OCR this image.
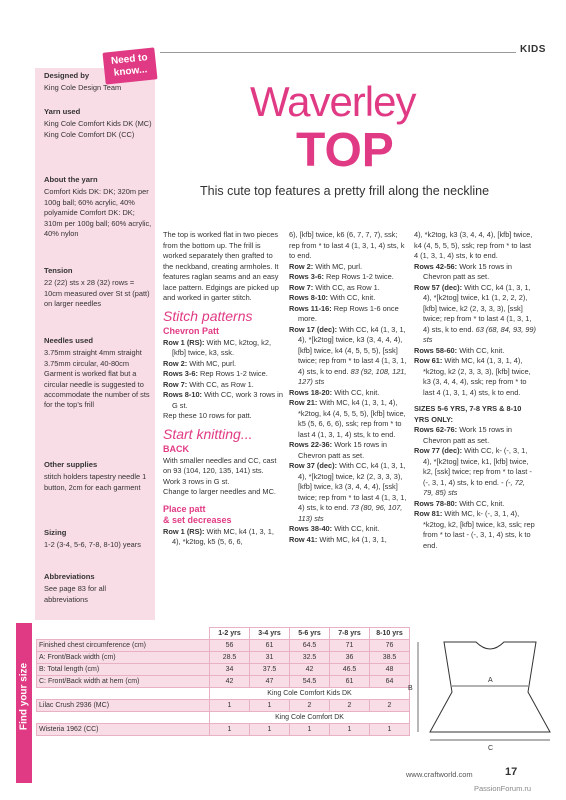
KIDS
Waverley
TOP
This cute top features a pretty frill along the neckline
Need to
know...
Designed by
King Cole Design Team
Yarn used
King Cole Comfort Kids DK (MC)
King Cole Comfort DK (CC)
About the yarn
Comfort Kids DK: DK; 320m per 100g ball; 60% acrylic, 40% polyamide Comfort DK: DK; 310m per 100g ball; 60% acrylic, 40% nylon
Tension
22 (22) sts x 28 (32) rows = 10cm measured over St st (patt) on larger needles
Needles used
3.75mm straight 4mm straight 3.75mm circular, 40-80cm Garment is worked flat but a circular needle is suggested to accommodate the number of sts for the top’s frill
Other supplies
stitch holders tapestry needle 1 button, 2cm for each garment
Sizing
1-2 (3-4, 5-6, 7-8, 8-10) years
Abbreviations
See page 83 for all abbreviations

The top is worked flat in two pieces from the bottom up. The frill is worked separately then grafted to the neckband, creating armholes. It features raglan seams and an easy lace pattern. Edgings are picked up and worked in garter stitch.

Stitch patterns
Chevron Patt

Row 1 (RS): With MC, k2tog, k2, [kfb] twice, k3, ssk.

Row 2: With MC, purl.

Rows 3-6: Rep Rows 1-2 twice.

Row 7: With CC, as Row 1.

Rows 8-10: With CC, work 3 rows in G st.

Rep these 10 rows for patt.

Start knitting...
BACK

With smaller needles and CC, cast on 93 (104, 120, 135, 141) sts.

Work 3 rows in G st.

Change to larger needles and MC.

Place patt
& set decreases

Row 1 (RS): With MC, k4 (1, 3, 1, 4), *k2tog, k5 (5, 6, 6,

6), [kfb] twice, k6 (6, 7, 7, 7), ssk; rep from * to last 4 (1, 3, 1, 4) sts, k to end.

Row 2: With MC, purl.

Rows 3-6: Rep Rows 1-2 twice.

Row 7: With CC, as Row 1.

Rows 8-10: With CC, knit.

Rows 11-16: Rep Rows 1-6 once more.

Row 17 (dec): With CC, k4 (1, 3, 1, 4), *[k2tog] twice, k3 (3, 4, 4, 4), [kfb] twice, k4 (4, 5, 5, 5), [ssk] twice; rep from * to last 4 (1, 3, 1, 4) sts, k to end. 83 (92, 108, 121, 127) sts

Rows 18-20: With CC, knit.

Row 21: With MC, k4 (1, 3, 1, 4), *k2tog, k4 (4, 5, 5, 5), [kfb] twice, k5 (5, 6, 6, 6), ssk; rep from * to last 4 (1, 3, 1, 4) sts, k to end.

Rows 22-36: Work 15 rows in Chevron patt as set.

Row 37 (dec): With CC, k4 (1, 3, 1, 4), *[k2tog] twice, k2 (2, 3, 3, 3), [kfb] twice, k3 (3, 4, 4, 4), [ssk] twice; rep from * to last 4 (1, 3, 1, 4) sts, k to end. 73 (80, 96, 107, 113) sts

Rows 38-40: With CC, knit.

Row 41: With MC, k4 (1, 3, 1,

4), *k2tog, k3 (3, 4, 4, 4), [kfb] twice, k4 (4, 5, 5, 5), ssk; rep from * to last 4 (1, 3, 1, 4) sts, k to end.

Rows 42-56: Work 15 rows in Chevron patt as set.

Row 57 (dec): With CC, k4 (1, 3, 1, 4), *[k2tog] twice, k1 (1, 2, 2, 2), [kfb] twice, k2 (2, 3, 3, 3), [ssk] twice; rep from * to last 4 (1, 3, 1, 4) sts, k to end. 63 (68, 84, 93, 99) sts

Rows 58-60: With CC, knit.

Row 61: With MC, k4 (1, 3, 1, 4), *k2tog, k2 (2, 3, 3, 3), [kfb] twice, k3 (3, 4, 4, 4), ssk; rep from * to last 4 (1, 3, 1, 4) sts, k to end.

SIZES 5-6 YRS, 7-8 YRS & 8-10 YRS ONLY:

Rows 62-76: Work 15 rows in Chevron patt as set.

Row 77 (dec): With CC, k- (-, 3, 1, 4), *[k2tog] twice, k1, [kfb] twice, k2, [ssk] twice; rep from * to last - (-, 3, 1, 4) sts, k to end. - (-, 72, 79, 85) sts

Rows 78-80: With CC, knit.

Row 81: With MC, k- (-, 3, 1, 4), *k2tog, k2, [kfb] twice, k3, ssk; rep from * to last - (-, 3, 1, 4) sts, k to end.

Find your size
	1-2 yrs	3-4 yrs	5-6 yrs	7-8 yrs	8-10 yrs
Finished chest circumference (cm)	56	61	64.5	71	76
A: Front/Back width (cm)	28.5	31	32.5	36	38.5
B: Total length (cm)	34	37.5	42	46.5	48
C: Front/Back width at hem (cm)	42	47	54.5	61	64
	King Cole Comfort Kids DK				
Lilac Crush 2936 (MC)	1	1	2	2	2
	King Cole Comfort DK				
Wisteria 1962 (CC)	1	1	1	1	1
A
B
C
www.craftworld.com	17
PassionForum.ru
